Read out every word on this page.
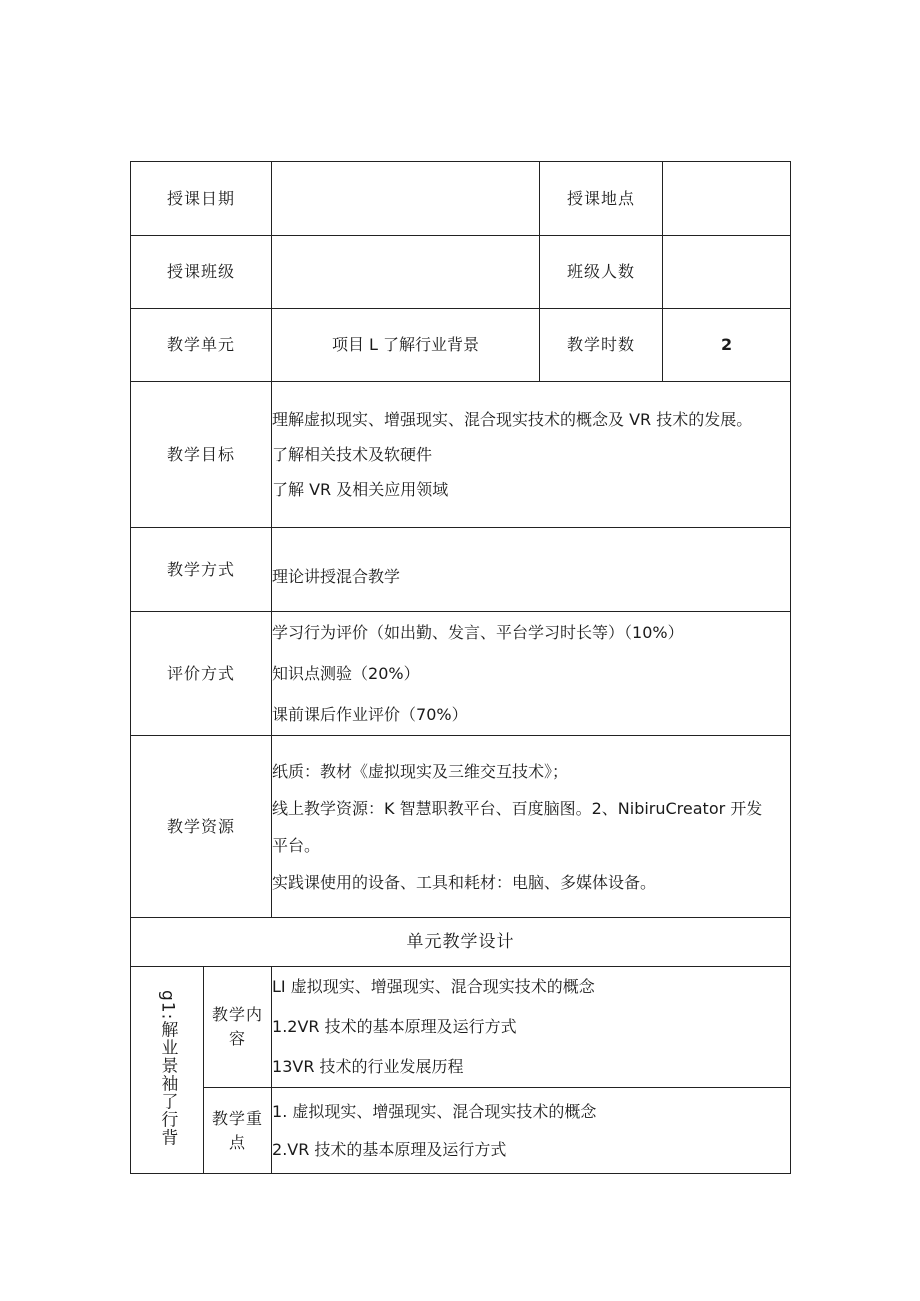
授课日期			授课地点	
授课班级			班级人数	
教学单元		项目 L 了解行业背景	教学时数	2
教学目标		理解虚拟现实、增强现实、混合现实技术的概念及 VR 技术的发展。
了解相关技术及软硬件
了解 VR 及相关应用领域		

教学方式		理论讲授混合教学		
评价方式		学习行为评价（如出勤、发言、平台学习时长等）（10%）
知识点测验（20%）
课前课后作业评价（70%）		

教学资源		纸质：教材《虚拟现实及三维交互技术》；
线上教学资源：K 智慧职教平台、百度脑图。2、NibiruCreator 开发
平台。
实践课使用的设备、工具和耗材：电脑、多媒体设备。		

单元教学设计				
g1:解业景袖了行背	教学内容	LI 虚拟现实、增强现实、混合现实技术的概念
1.2VR 技术的基本原理及运行方式
13VR 技术的行业发展历程		

	教学重点	1. 虚拟现实、增强现实、混合现实技术的概念
2.VR 技术的基本原理及运行方式		
